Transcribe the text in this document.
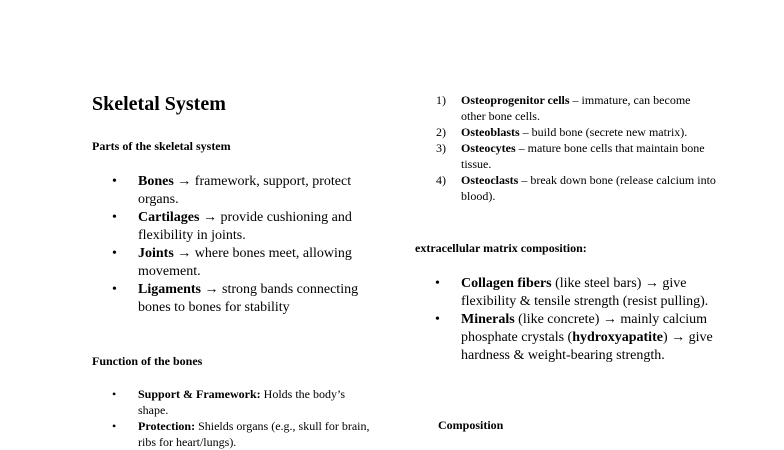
Skeletal System
Parts of the skeletal system
• Bones → framework, support, protect organs.
• Cartilages → provide cushioning and flexibility in joints.
• Joints → where bones meet, allowing movement.
• Ligaments → strong bands connecting bones to bones for stability
Function of the bones
• Support & Framework: Holds the body’s shape.
• Protection: Shields organs (e.g., skull for brain, ribs for heart/lungs).
1) Osteoprogenitor cells – immature, can become other bone cells.
2) Osteoblasts – build bone (secrete new matrix).
3) Osteocytes – mature bone cells that maintain bone tissue.
4) Osteoclasts – break down bone (release calcium into blood).
extracellular matrix composition:
• Collagen fibers (like steel bars) → give flexibility & tensile strength (resist pulling).
• Minerals (like concrete) → mainly calcium phosphate crystals (hydroxyapatite) → give hardness & weight-bearing strength.
Composition
